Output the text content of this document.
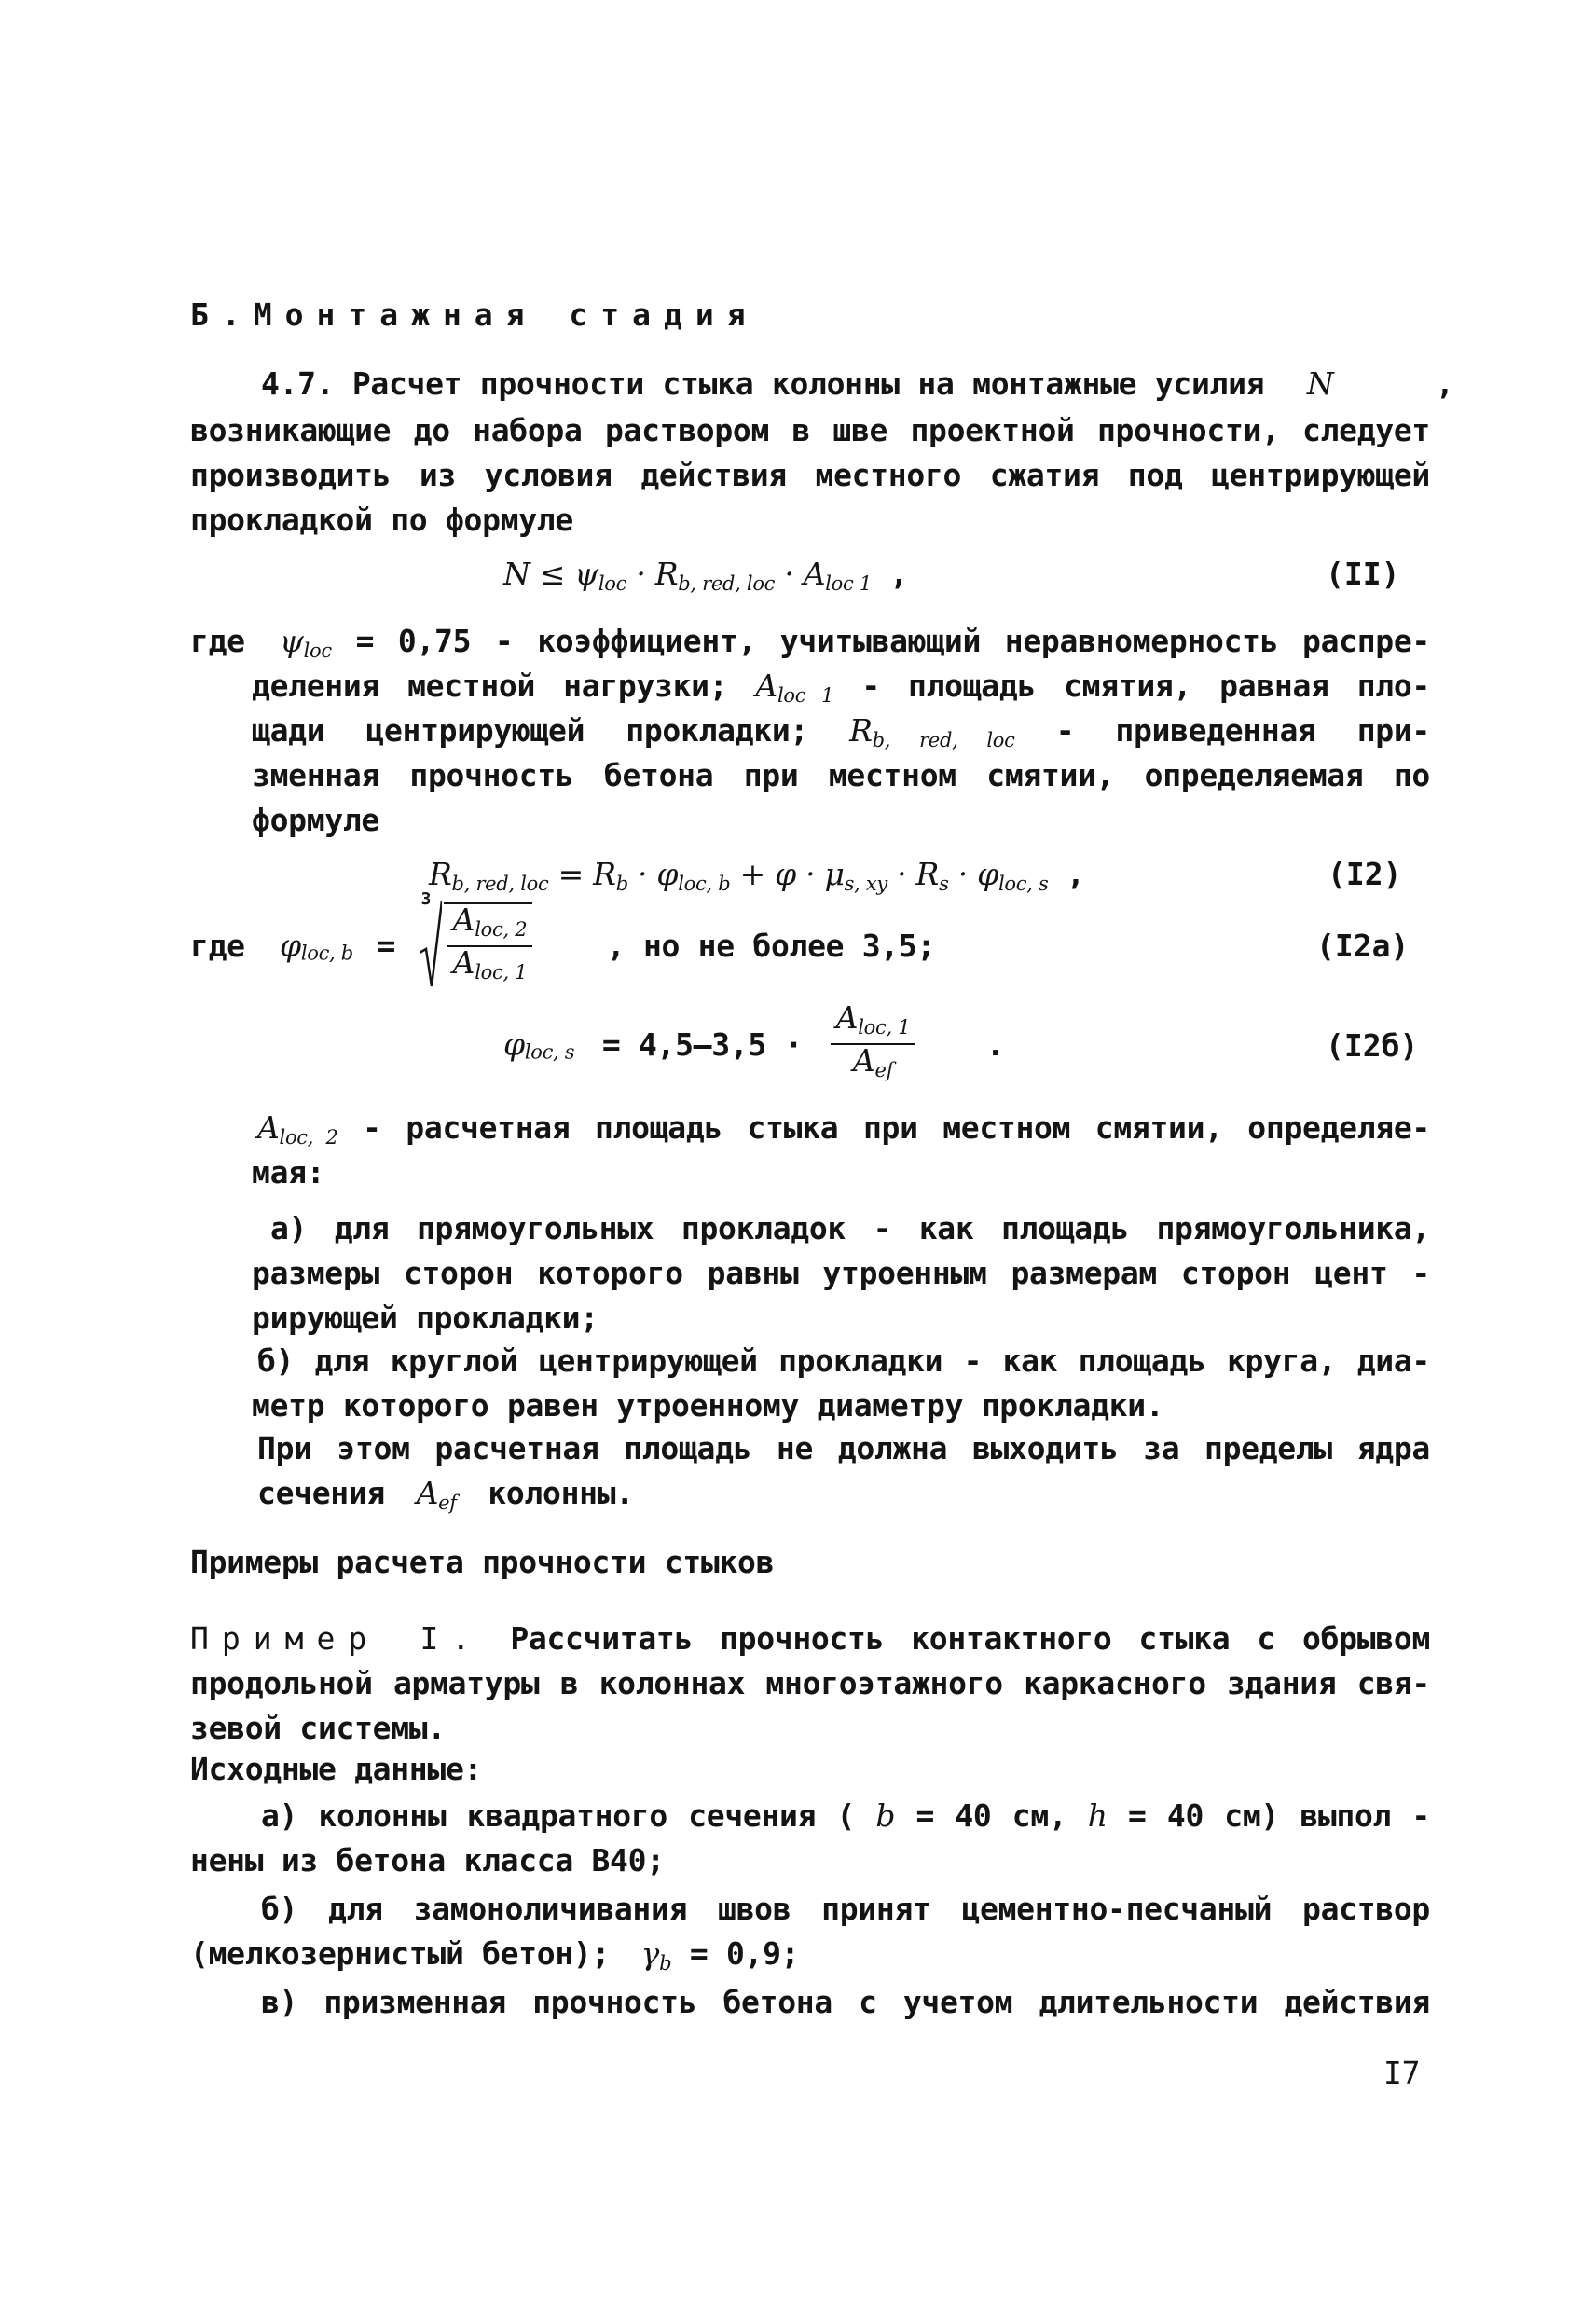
Б.Монтажная стадия
4.7. Расчет прочности стыка колонны на монтажные усилия N	,
возникающие до набора раствором в шве проектной прочности, следует
производить из условия действия местного сжатия под центрирующей
прокладкой по формуле
$N \le \psi_{loc} \cdot R_{b, red, loc} \cdot A_{loc 1}$ ,	(II)
где $\psi_{loc} = 0,75$ - коэффициент, учитывающий неравномерность распре-
деления местной нагрузки; $A_{loc 1}$ - площадь смятия, равная пло-
щади центрирующей прокладки; $R_{b, red, loc}$ - приведенная при-
зменная прочность бетона при местном смятии, определяемая по
формуле
$R_{b, red, loc} = R_b \cdot \varphi_{loc, b} + \varphi \cdot \mu_{s, xy} \cdot R_s \cdot \varphi_{loc, s}$ ,	(I2)
где $\varphi_{loc, b}$ =
3
$\frac{A_{loc, 2}}{A_{loc, 1}}$ , но не более 3,5;	(I2a)
$\varphi_{loc, s} = 4,5-3,5 \cdot \frac{A_{loc, 1}}{A_{ef}}$ .	(I2б)
$A_{loc, 2}$ - расчетная площадь стыка при местном смятии, определяе-
мая:
а) для прямоугольных прокладок - как площадь прямоугольника,
размеры сторон которого равны утроенным размерам сторон цент -
рирующей прокладки;
б) для круглой центрирующей прокладки - как площадь круга, диа-
метр которого равен утроенному диаметру прокладки.
При этом расчетная площадь не должна выходить за пределы ядра
сечения $A_{ef}$ колонны.
Примеры расчета прочности стыков
Пример I. Рассчитать прочность контактного стыка с обрывом
продольной арматуры в колоннах многоэтажного каркасного здания свя-
зевой системы.
Исходные данные:
а) колонны квадратного сечения ( b = 40 см, h = 40 см) выпол -
нены из бетона класса В40;
б) для замоноличивания швов принят цементно-песчаный раствор
(мелкозернистый бетон); $\gamma_b = 0,9$;
в) призменная прочность бетона с учетом длительности действия
I7
